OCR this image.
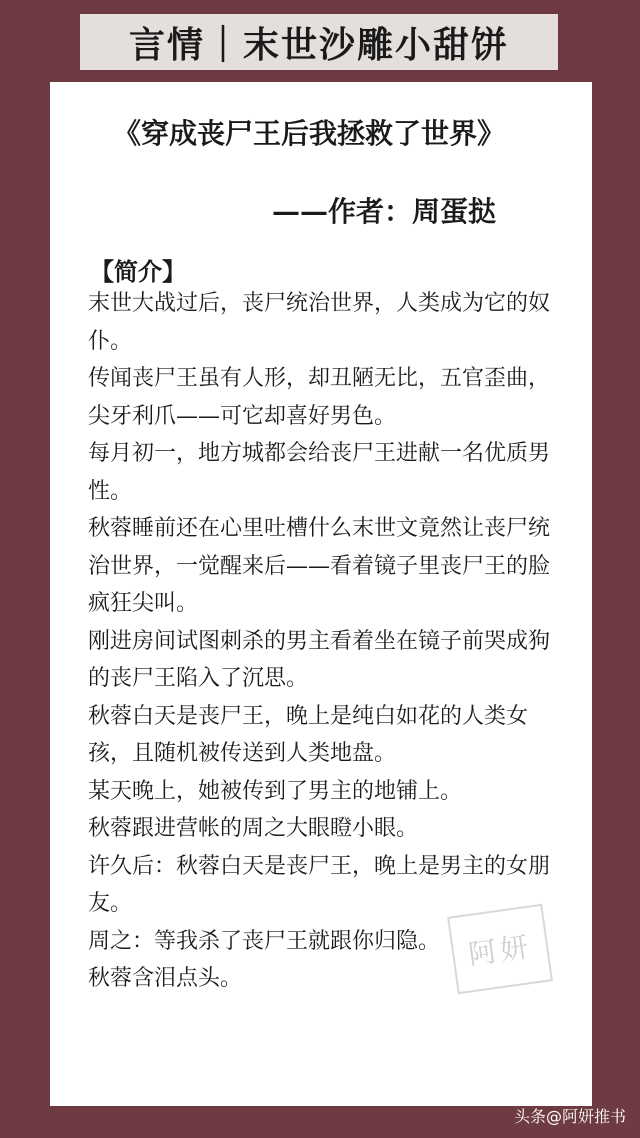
言情｜末世沙雕小甜饼
《穿成丧尸王后我拯救了世界》
——作者：周蛋挞
【简介】

末世大战过后，丧尸统治世界，人类成为它的奴仆。

传闻丧尸王虽有人形，却丑陋无比，五官歪曲，尖牙利爪——可它却喜好男色。

每月初一，地方城都会给丧尸王进献一名优质男性。

秋蓉睡前还在心里吐槽什么末世文竟然让丧尸统治世界，一觉醒来后——看着镜子里丧尸王的脸疯狂尖叫。

刚进房间试图刺杀的男主看着坐在镜子前哭成狗的丧尸王陷入了沉思。

秋蓉白天是丧尸王，晚上是纯白如花的人类女孩，且随机被传送到人类地盘。

某天晚上，她被传到了男主的地铺上。

秋蓉跟进营帐的周之大眼瞪小眼。

许久后：秋蓉白天是丧尸王，晚上是男主的女朋友。

周之：等我杀了丧尸王就跟你归隐。

秋蓉含泪点头。

阿妍
头条@阿妍推书
